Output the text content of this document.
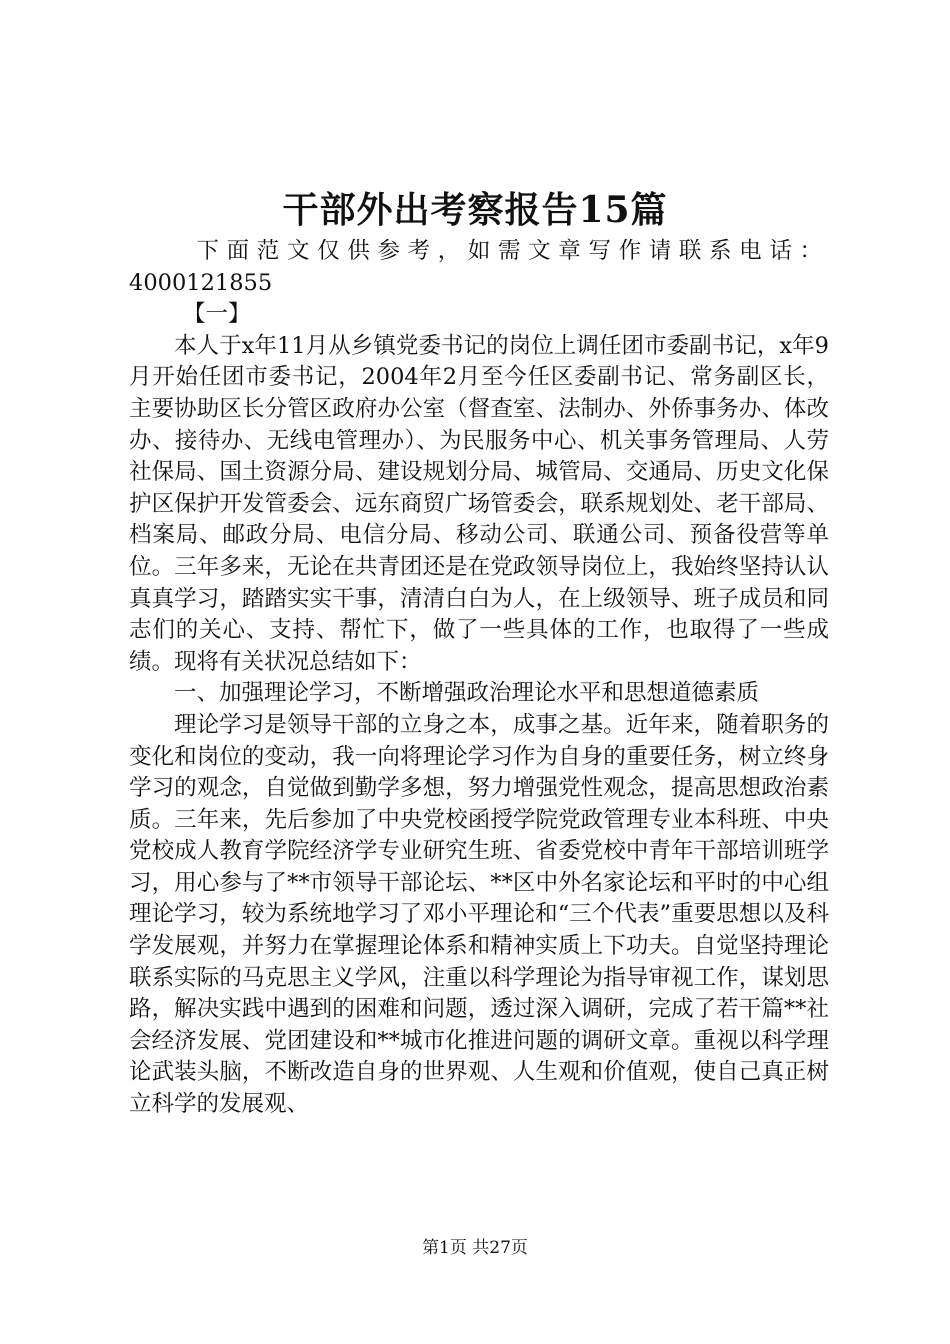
干部外出考察报告15篇

下面范文仅供参考，如需文章写作请联系电话：4000121855

【一】

本人于x年11月从乡镇党委书记的岗位上调任团市委副书记，x年9月开始任团市委书记，2004年2月至今任区委副书记、常务副区长，主要协助区长分管区政府办公室（督查室、法制办、外侨事务办、体改办、接待办、无线电管理办）、为民服务中心、机关事务管理局、人劳社保局、国土资源分局、建设规划分局、城管局、交通局、历史文化保护区保护开发管委会、远东商贸广场管委会，联系规划处、老干部局、档案局、邮政分局、电信分局、移动公司、联通公司、预备役营等单位。三年多来，无论在共青团还是在党政领导岗位上，我始终坚持认认真真学习，踏踏实实干事，清清白白为人，在上级领导、班子成员和同志们的关心、支持、帮忙下，做了一些具体的工作，也取得了一些成绩。现将有关状况总结如下：

一、加强理论学习，不断增强政治理论水平和思想道德素质

理论学习是领导干部的立身之本，成事之基。近年来，随着职务的变化和岗位的变动，我一向将理论学习作为自身的重要任务，树立终身学习的观念，自觉做到勤学多想，努力增强党性观念，提高思想政治素质。三年来，先后参加了中央党校函授学院党政管理专业本科班、中央党校成人教育学院经济学专业研究生班、省委党校中青年干部培训班学习，用心参与了**市领导干部论坛、**区中外名家论坛和平时的中心组理论学习，较为系统地学习了邓小平理论和“三个代表”重要思想以及科学发展观，并努力在掌握理论体系和精神实质上下功夫。自觉坚持理论联系实际的马克思主义学风，注重以科学理论为指导审视工作，谋划思路，解决实践中遇到的困难和问题，透过深入调研，完成了若干篇**社会经济发展、党团建设和**城市化推进问题的调研文章。重视以科学理论武装头脑，不断改造自身的世界观、人生观和价值观，使自己真正树立科学的发展观、

第1页 共27页
